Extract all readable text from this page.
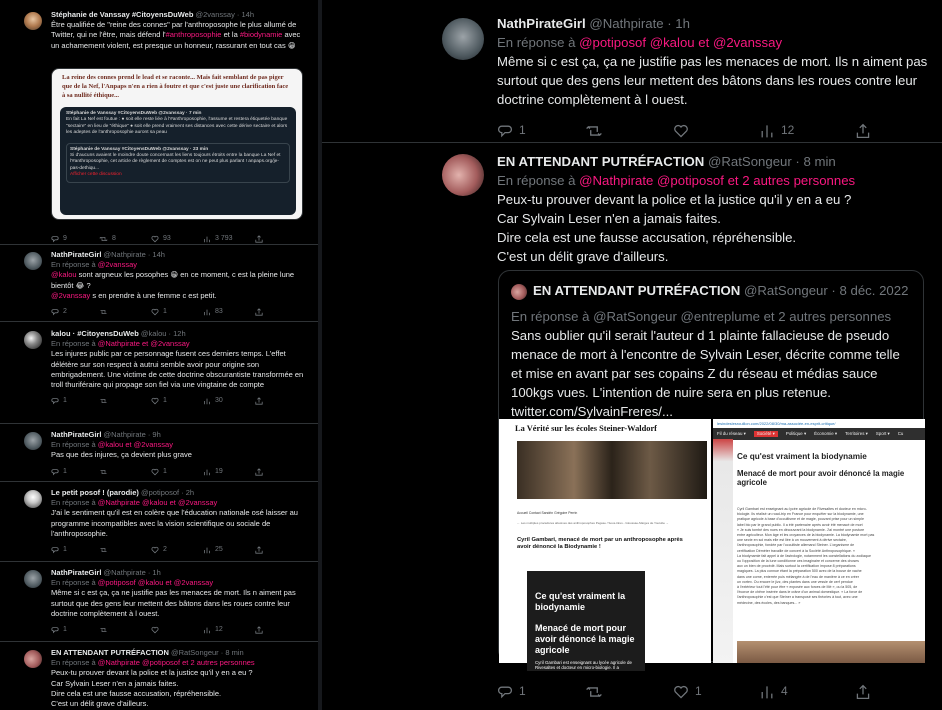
Stéphanie de Vanssay #CitoyensDuWeb @2vanssay · 14h
Être qualifiée de "reine des connes" par l'anthroposophe le plus allumé de Twitter, qui ne l'être, mais défend l'#anthroposophie et la #biodynamie avec un achamement violent, est presque un honneur, rassurant en tout cas 😁
La reine des connes prend le lead et se raconte... Mais fait semblant de pas piger que de la Nef, l'Anpaps n'en a rien à foutre et que c'est juste une clarification face à sa nullité éthique...
Stéphanie de Vanssay #CitoyensDuWeb @2vanssay · 7 min
En fait La Nef est foutue : ● soit elle reste liée à l'#anthroposophie, l'assume et restera étiquetée banque "sectaire" en lieu de "éthique" ● soit elle prend vraiment ses distances avec cette dérive sectaire et alors les adeptes de l'anthroposophie auront sa peau
Stéphanie de Vanssay #CitoyensDuWeb @2vanssay · 23 min
Si d'aucuns avaient le moindre doute concernant les liens toujours étroits entre la banque La Nef et l'#anthroposophie, cet article de règlement de comptes est on ne peut plus parlant ! anpaps.org/je-pas-dethiqu...
Afficher cette discussion
9	8	93	3 793
NathPirateGirl @Nathpirate · 14h
En réponse à @2vanssay
@kalou sont argneux les posophes 😁 en ce moment, c est la pleine lune bientôt 😂 ?
@2vanssay s en prendre à une femme c est petit.
2	1	83
kalou · #CitoyensDuWeb @kalou · 12h
En réponse à @Nathpirate et @2vanssay
Les injures public par ce personnage fusent ces derniers temps. L'effet délétère sur son respect à autrui semble avoir pour origine son embrigadement. Une victime de cette doctrine obscurantiste transformée en troll thuriféraire qui propage son fiel via une vingtaine de compte
1	1	30
NathPirateGirl @Nathpirate · 9h
En réponse à @kalou et @2vanssay
Pas que des injures, ça devient plus grave
1	1	19
Le petit posof ! (parodie) @potiposof · 2h
En réponse à @Nathpirate @kalou et @2vanssay
J'ai le sentiment qu'il est en colère que l'éducation nationale osé laisser au programme incompatibles avec la vision scientifique ou sociale de l'anthroposophie.
1	2	25
NathPirateGirl @Nathpirate · 1h
En réponse à @potiposof @kalou et @2vanssay
Même si c est ça, ça ne justifie pas les menaces de mort. Ils n aiment pas surtout que des gens leur mettent des bâtons dans les roues contre leur doctrine complètement à l ouest.
1	12
EN ATTENDANT PUTRÉFACTION @RatSongeur · 8 min
En réponse à @Nathpirate @potiposof et 2 autres personnes
Peux-tu prouver devant la police et la justice qu'il y en a eu ?
Car Sylvain Leser n'en a jamais faites.
Dire cela est une fausse accusation, répréhensible.
C'est un délit grave d'ailleurs.
NathPirateGirl @Nathpirate · 1h
En réponse à @potiposof @kalou et @2vanssay
Même si c est ça, ça ne justifie pas les menaces de mort. Ils n aiment pas surtout que des gens leur mettent des bâtons dans les roues contre leur doctrine complètement à l ouest.
1	12
EN ATTENDANT PUTRÉFACTION @RatSongeur · 8 min
En réponse à @Nathpirate @potiposof et 2 autres personnes
Peux-tu prouver devant la police et la justice qu'il y en a eu ?
Car Sylvain Leser n'en a jamais faites.
Dire cela est une fausse accusation, répréhensible.
C'est un délit grave d'ailleurs.
1	1	4
EN ATTENDANT PUTRÉFACTION @RatSongeur · 8 déc. 2022
En réponse à @RatSongeur @entreplume et 2 autres personnes
Sans oublier qu'il serait l'auteur d 1 plainte fallacieuse de pseudo menace de mort à l'encontre de Sylvain Leser, décrite comme telle et mise en avant par ses copains Z du réseau et médias sauce 100kgs vues. L'intention de nuire sera en plus retenue. twitter.com/SylvainFreres/...
La Vérité sur les écoles Steiner-Waldorf
Accueil Contact Sandrin Grégoire Perrin
← Les multiples procédures abusives des anthroposophes Pegase / Sous-titres - Gloussée-Marges de Youtube →
Cyril Gambari, menacé de mort par un anthroposophe après avoir dénoncé la Biodynamie !
Ce qu'est vraiment la biodynamie
Menacé de mort pour avoir dénoncé la magie agricole
Cyril Gambari est enseignant au lycée agricole de Rivesaltes et docteur en micro-biologie. Il a
lesindeslesrouillon.com/2022/08/30/ma-associée-en-esprit-critique/
Fil du réseau ▾	Société ▾	Politique ▾ Économie ▾ Territoires ▾ Sport ▾ Cu
Ce qu'est vraiment la biodynamie
Menacé de mort pour avoir dénoncé la magie agricole
Cyril Gambari est enseignant au lycée agricole de Rivesaltes et docteur en micro-
biologie. Ils réalisé un road-trip en France pour enquêter sur la biodynamie, une
pratique agricole à base d'occultisme et de magie, pouvant prise pour un simple
label bio par le grand public. Il a été partenaire après avoir été menacé de mort
« Je suis tombé des nues en découvrant la biodynamie. J'ai montré une posture
entre agriculteur. Mon âge et les croyances de la biodynamie. La biodynamie mort pas
une secte en soi mais elle est liée à un mouvement à dérive sectaire,
l'anthroposophie, fondée par l'occultiste allemand Steiner. L'organisme de
certification Déméter travaille de concert à la Société Anthroposophique. »
La biodynamie fait appel à de l'astrologie, notamment les constellations du zodiaque
ou l'opposition de la lune conditionne ces imaginaire et concerne des choses
aux un bien de procédé. Mais surtout la certification impose 8 préparations
magiques. La plus connue étant la préparation 500 avec de la bouse de vache
dans une corne, enterrée puis mélangée à de l'eau de manière à ce en créer
un vortex. Ou encore le jizz, des plantes dans une vessie de cerf pendue
à l'extérieur tout l'été pour être « exposée aux forces de Mé », ou la 505, de
l'écorce de chêne insérée dans le crâne d'un animal domestique. « La force de
l'anthroposophie c'est que Steiner a transposé ses théories à tout, avec une
médecine, des écoles, des banques... »
